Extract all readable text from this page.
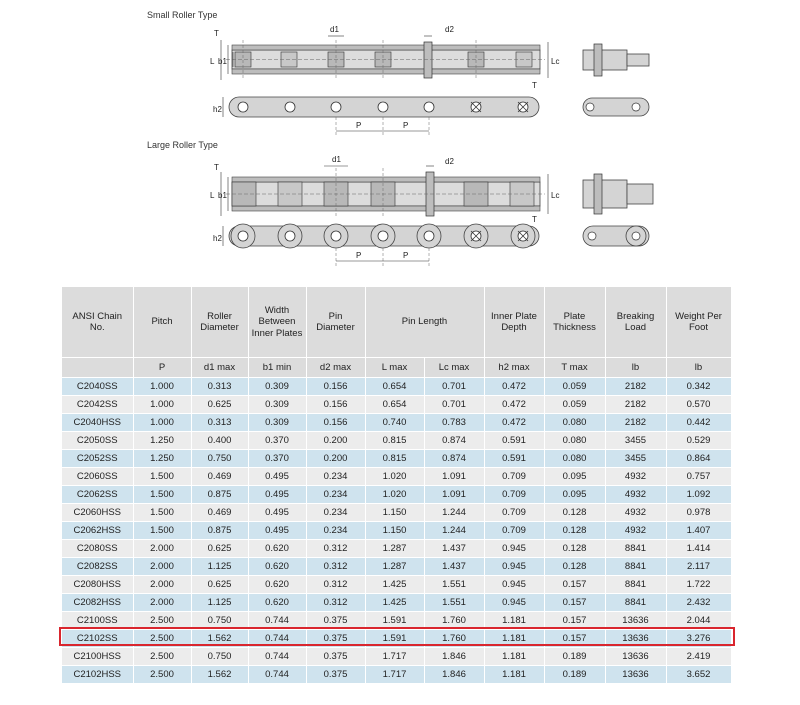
Small Roller Type
T
L b1
d1	d2
Lc
T
h2
P	P
Large Roller Type
T
L b1
d1	d2
Lc
T
h2
P	P
ANSI Chain No.	Pitch	Roller Diameter	Width Between Inner Plates	Pin Diameter	Pin Length		Inner Plate Depth	Plate Thickness	Breaking Load	Weight Per Foot
	P	d1 max	b1 min	d2 max	L max	Lc max	h2 max	T max	lb	lb
C2040SS	1.000	0.313	0.309	0.156	0.654	0.701	0.472	0.059	2182	0.342
C2042SS	1.000	0.625	0.309	0.156	0.654	0.701	0.472	0.059	2182	0.570
C2040HSS	1.000	0.313	0.309	0.156	0.740	0.783	0.472	0.080	2182	0.442
C2050SS	1.250	0.400	0.370	0.200	0.815	0.874	0.591	0.080	3455	0.529
C2052SS	1.250	0.750	0.370	0.200	0.815	0.874	0.591	0.080	3455	0.864
C2060SS	1.500	0.469	0.495	0.234	1.020	1.091	0.709	0.095	4932	0.757
C2062SS	1.500	0.875	0.495	0.234	1.020	1.091	0.709	0.095	4932	1.092
C2060HSS	1.500	0.469	0.495	0.234	1.150	1.244	0.709	0.128	4932	0.978
C2062HSS	1.500	0.875	0.495	0.234	1.150	1.244	0.709	0.128	4932	1.407
C2080SS	2.000	0.625	0.620	0.312	1.287	1.437	0.945	0.128	8841	1.414
C2082SS	2.000	1.125	0.620	0.312	1.287	1.437	0.945	0.128	8841	2.117
C2080HSS	2.000	0.625	0.620	0.312	1.425	1.551	0.945	0.157	8841	1.722
C2082HSS	2.000	1.125	0.620	0.312	1.425	1.551	0.945	0.157	8841	2.432
C2100SS	2.500	0.750	0.744	0.375	1.591	1.760	1.181	0.157	13636	2.044
C2102SS	2.500	1.562	0.744	0.375	1.591	1.760	1.181	0.157	13636	3.276
C2100HSS	2.500	0.750	0.744	0.375	1.717	1.846	1.181	0.189	13636	2.419
C2102HSS	2.500	1.562	0.744	0.375	1.717	1.846	1.181	0.189	13636	3.652
